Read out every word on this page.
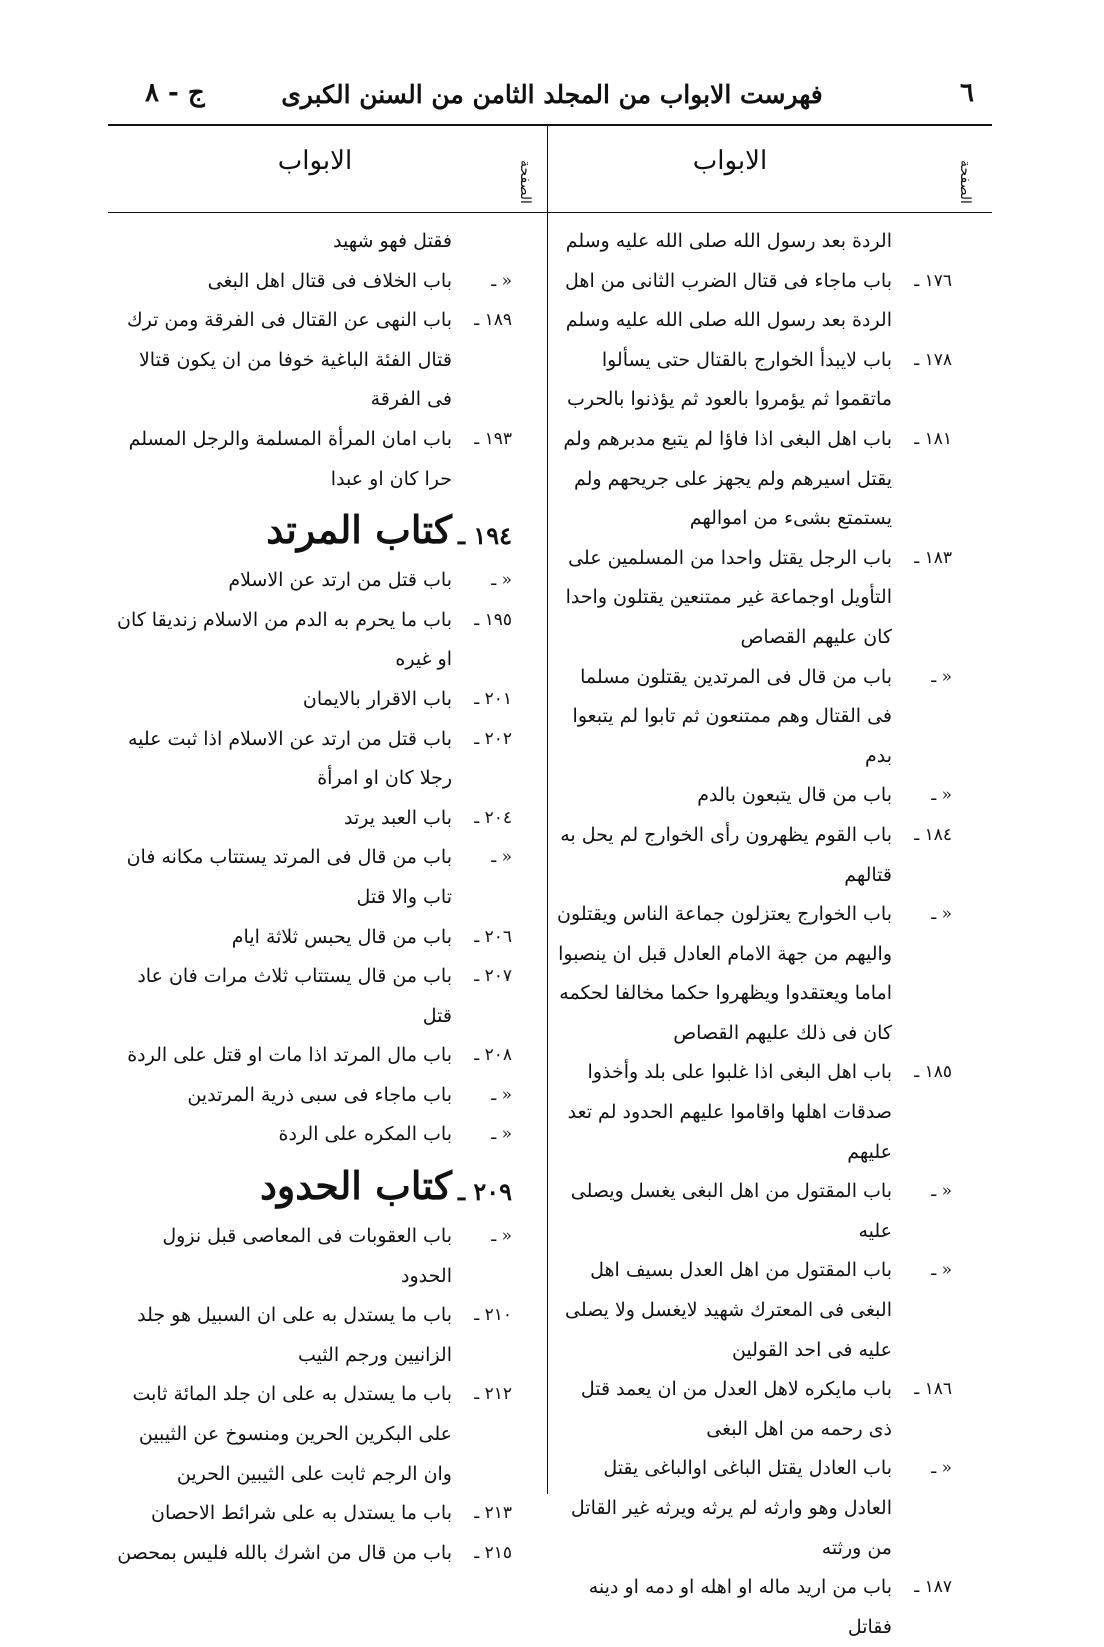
٦
فهرست الابواب من المجلد الثامن من السنن الكبرى
ج - ٨
الصفحة
الابواب
الصفحة
الابواب
الردة بعد رسول الله صلى الله عليه وسلم
١٧٦ ـ
باب ماجاء فى قتال الضرب الثانى من اهل الردة بعد رسول الله صلى الله عليه وسلم
١٧٨ ـ
باب لايبدأ الخوارج بالقتال حتى يسألوا ماتقموا ثم يؤمروا بالعود ثم يؤذنوا بالحرب
١٨١ ـ
باب اهل البغى اذا فاؤا لم يتبع مدبرهم ولم يقتل اسيرهم ولم يجهز على جريحهم ولم يستمتع بشىء من اموالهم
١٨٣ ـ
باب الرجل يقتل واحدا من المسلمين على التأويل اوجماعة غير ممتنعين يقتلون واحدا كان عليهم القصاص
« ـ
باب من قال فى المرتدين يقتلون مسلما فى القتال وهم ممتنعون ثم تابوا لم يتبعوا بدم
« ـ
باب من قال يتبعون بالدم
١٨٤ ـ
باب القوم يظهرون رأى الخوارج لم يحل به قتالهم
« ـ
باب الخوارج يعتزلون جماعة الناس ويقتلون واليهم من جهة الامام العادل قبل ان ينصبوا اماما ويعتقدوا ويظهروا حكما مخالفا لحكمه كان فى ذلك عليهم القصاص
١٨٥ ـ
باب اهل البغى اذا غلبوا على بلد وأخذوا صدقات اهلها واقاموا عليهم الحدود لم تعد عليهم
« ـ
باب المقتول من اهل البغى يغسل ويصلى عليه
« ـ
باب المقتول من اهل العدل بسيف اهل البغى فى المعترك شهيد لايغسل ولا يصلى عليه فى احد القولين
١٨٦ ـ
باب مايكره لاهل العدل من ان يعمد قتل ذى رحمه من اهل البغى
« ـ
باب العادل يقتل الباغى اوالباغى يقتل العادل وهو وارثه لم يرثه ويرثه غير القاتل من ورثته
١٨٧ ـ
باب من اريد ماله او اهله او دمه او دينه فقاتل
فقتل فهو شهيد
« ـ
باب الخلاف فى قتال اهل البغى
١٨٩ ـ
باب النهى عن القتال فى الفرقة ومن ترك قتال الفئة الباغية خوفا من ان يكون قتالا فى الفرقة
١٩٣ ـ
باب امان المرأة المسلمة والرجل المسلم حرا كان او عبدا
١٩٤ ـ
كتاب المرتد
« ـ
باب قتل من ارتد عن الاسلام
١٩٥ ـ
باب ما يحرم به الدم من الاسلام زنديقا كان او غيره
٢٠١ ـ
باب الاقرار بالايمان
٢٠٢ ـ
باب قتل من ارتد عن الاسلام اذا ثبت عليه رجلا كان او امرأة
٢٠٤ ـ
باب العبد يرتد
« ـ
باب من قال فى المرتد يستتاب مكانه فان تاب والا قتل
٢٠٦ ـ
باب من قال يحبس ثلاثة ايام
٢٠٧ ـ
باب من قال يستتاب ثلاث مرات فان عاد قتل
٢٠٨ ـ
باب مال المرتد اذا مات او قتل على الردة
« ـ
باب ماجاء فى سبى ذرية المرتدين
« ـ
باب المكره على الردة
٢٠٩ ـ
كتاب الحدود
« ـ
باب العقوبات فى المعاصى قبل نزول الحدود
٢١٠ ـ
باب ما يستدل به على ان السبيل هو جلد الزانيين ورجم الثيب
٢١٢ ـ
باب ما يستدل به على ان جلد المائة ثابت على البكرين الحرين ومنسوخ عن الثيبين وان الرجم ثابت على الثيبين الحرين
٢١٣ ـ
باب ما يستدل به على شرائط الاحصان
٢١٥ ـ
باب من قال من اشرك بالله فليس بمحصن
